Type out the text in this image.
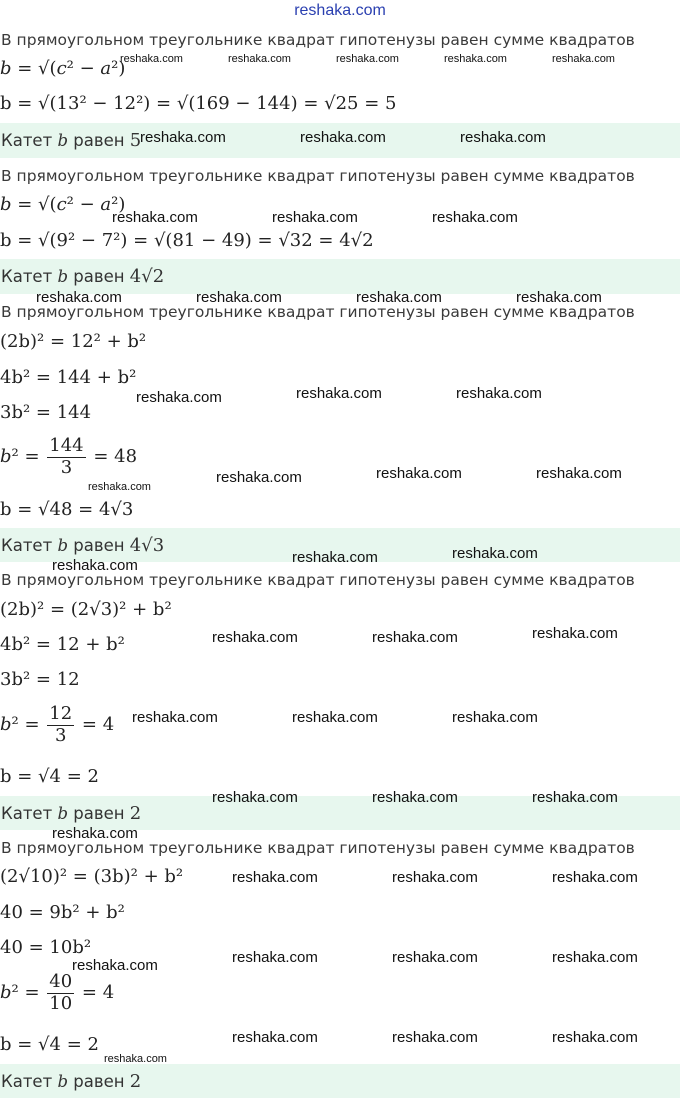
reshaka.com
В прямоугольном треугольнике квадрат гипотенузы равен сумме квадратов
b = √(c² − a²)
b = √(13² − 12²) = √(169 − 144) = √25 = 5
Катет b равен 5
В прямоугольном треугольнике квадрат гипотенузы равен сумме квадратов
b = √(c² − a²)
b = √(9² − 7²) = √(81 − 49) = √32 = 4√2
Катет b равен 4√2
В прямоугольном треугольнике квадрат гипотенузы равен сумме квадратов
(2b)² = 12² + b²
4b² = 144 + b²
3b² = 144
$b^2 = \frac{144}{3} = 48$
b = √48 = 4√3
Катет b равен 4√3
В прямоугольном треугольнике квадрат гипотенузы равен сумме квадратов
(2b)² = (2√3)² + b²
4b² = 12 + b²
3b² = 12
$b^2 = \frac{12}{3} = 4$
b = √4 = 2
Катет b равен 2
В прямоугольном треугольнике квадрат гипотенузы равен сумме квадратов
(2√10)² = (3b)² + b²
40 = 9b² + b²
40 = 10b²
$b^2 = \frac{40}{10} = 4$
b = √4 = 2
Катет b равен 2
reshaka.com	reshaka.com	reshaka.com	reshaka.com	reshaka.com
reshaka.com	reshaka.com	reshaka.com
reshaka.com	reshaka.com	reshaka.com
reshaka.com	reshaka.com	reshaka.com	reshaka.com
reshaka.com	reshaka.com	reshaka.com
reshaka.com	reshaka.com	reshaka.com
reshaka.com
reshaka.com	reshaka.com
reshaka.com
reshaka.com	reshaka.com	reshaka.com
reshaka.com	reshaka.com	reshaka.com
reshaka.com	reshaka.com	reshaka.com
reshaka.com
reshaka.com	reshaka.com	reshaka.com
reshaka.com	reshaka.com	reshaka.com
reshaka.com
reshaka.com	reshaka.com	reshaka.com
reshaka.com
